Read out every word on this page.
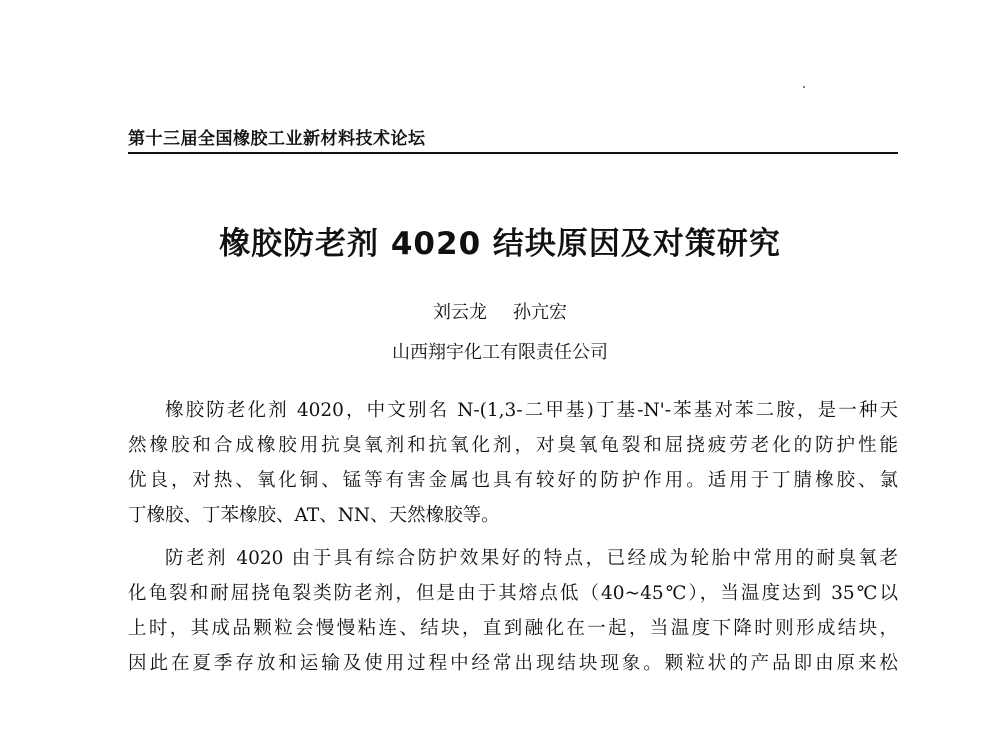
第十三届全国橡胶工业新材料技术论坛
橡胶防老剂 4020 结块原因及对策研究
刘云龙 孙亢宏
山西翔宇化工有限责任公司
橡胶防老化剂 4020，中文别名 N-(1,3-二甲基)丁基-N'-苯基对苯二胺，是一种天
然橡胶和合成橡胶用抗臭氧剂和抗氧化剂，对臭氧龟裂和屈挠疲劳老化的防护性能
优良，对热、氧化铜、锰等有害金属也具有较好的防护作用。适用于丁腈橡胶、氯
丁橡胶、丁苯橡胶、AT、NN、天然橡胶等。
防老剂 4020 由于具有综合防护效果好的特点，已经成为轮胎中常用的耐臭氧老
化龟裂和耐屈挠龟裂类防老剂，但是由于其熔点低（40~45℃），当温度达到 35℃以
上时，其成品颗粒会慢慢粘连、结块，直到融化在一起，当温度下降时则形成结块，
因此在夏季存放和运输及使用过程中经常出现结块现象。颗粒状的产品即由原来松
